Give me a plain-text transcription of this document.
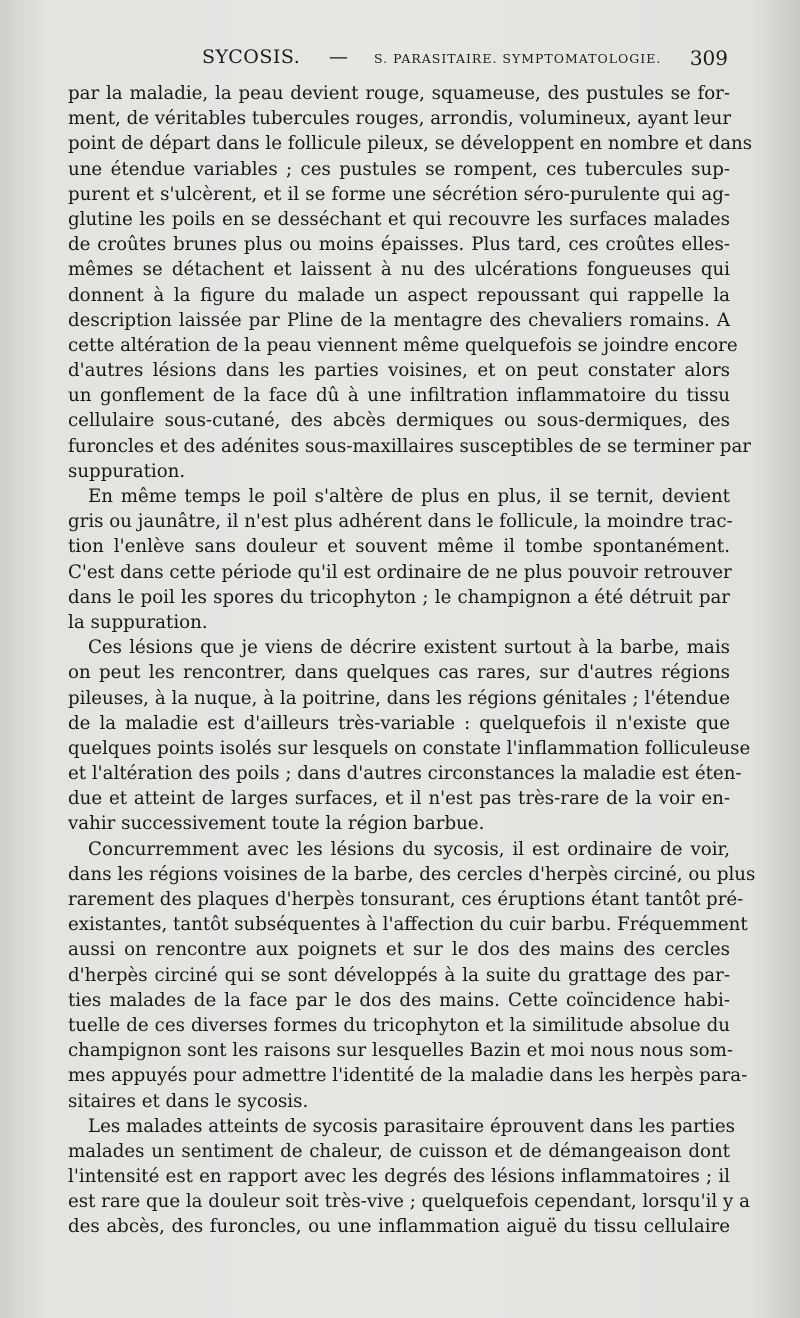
SYCOSIS. — S. PARASITAIRE. SYMPTOMATOLOGIE. 309
par la maladie, la peau devient rouge, squameuse, des pustules se for-
ment, de véritables tubercules rouges, arrondis, volumineux, ayant leur
point de départ dans le follicule pileux, se développent en nombre et dans
une étendue variables ; ces pustules se rompent, ces tubercules sup-
purent et s'ulcèrent, et il se forme une sécrétion séro-purulente qui ag-
glutine les poils en se desséchant et qui recouvre les surfaces malades
de croûtes brunes plus ou moins épaisses. Plus tard, ces croûtes elles-
mêmes se détachent et laissent à nu des ulcérations fongueuses qui
donnent à la figure du malade un aspect repoussant qui rappelle la
description laissée par Pline de la mentagre des chevaliers romains. A
cette altération de la peau viennent même quelquefois se joindre encore
d'autres lésions dans les parties voisines, et on peut constater alors
un gonflement de la face dû à une infiltration inflammatoire du tissu
cellulaire sous-cutané, des abcès dermiques ou sous-dermiques, des
furoncles et des adénites sous-maxillaires susceptibles de se terminer par
suppuration.
En même temps le poil s'altère de plus en plus, il se ternit, devient
gris ou jaunâtre, il n'est plus adhérent dans le follicule, la moindre trac-
tion l'enlève sans douleur et souvent même il tombe spontanément.
C'est dans cette période qu'il est ordinaire de ne plus pouvoir retrouver
dans le poil les spores du tricophyton ; le champignon a été détruit par
la suppuration.
Ces lésions que je viens de décrire existent surtout à la barbe, mais
on peut les rencontrer, dans quelques cas rares, sur d'autres régions
pileuses, à la nuque, à la poitrine, dans les régions génitales ; l'étendue
de la maladie est d'ailleurs très-variable : quelquefois il n'existe que
quelques points isolés sur lesquels on constate l'inflammation folliculeuse
et l'altération des poils ; dans d'autres circonstances la maladie est éten-
due et atteint de larges surfaces, et il n'est pas très-rare de la voir en-
vahir successivement toute la région barbue.
Concurremment avec les lésions du sycosis, il est ordinaire de voir,
dans les régions voisines de la barbe, des cercles d'herpès circiné, ou plus
rarement des plaques d'herpès tonsurant, ces éruptions étant tantôt pré-
existantes, tantôt subséquentes à l'affection du cuir barbu. Fréquemment
aussi on rencontre aux poignets et sur le dos des mains des cercles
d'herpès circiné qui se sont développés à la suite du grattage des par-
ties malades de la face par le dos des mains. Cette coïncidence habi-
tuelle de ces diverses formes du tricophyton et la similitude absolue du
champignon sont les raisons sur lesquelles Bazin et moi nous nous som-
mes appuyés pour admettre l'identité de la maladie dans les herpès para-
sitaires et dans le sycosis.
Les malades atteints de sycosis parasitaire éprouvent dans les parties
malades un sentiment de chaleur, de cuisson et de démangeaison dont
l'intensité est en rapport avec les degrés des lésions inflammatoires ; il
est rare que la douleur soit très-vive ; quelquefois cependant, lorsqu'il y a
des abcès, des furoncles, ou une inflammation aiguë du tissu cellulaire
